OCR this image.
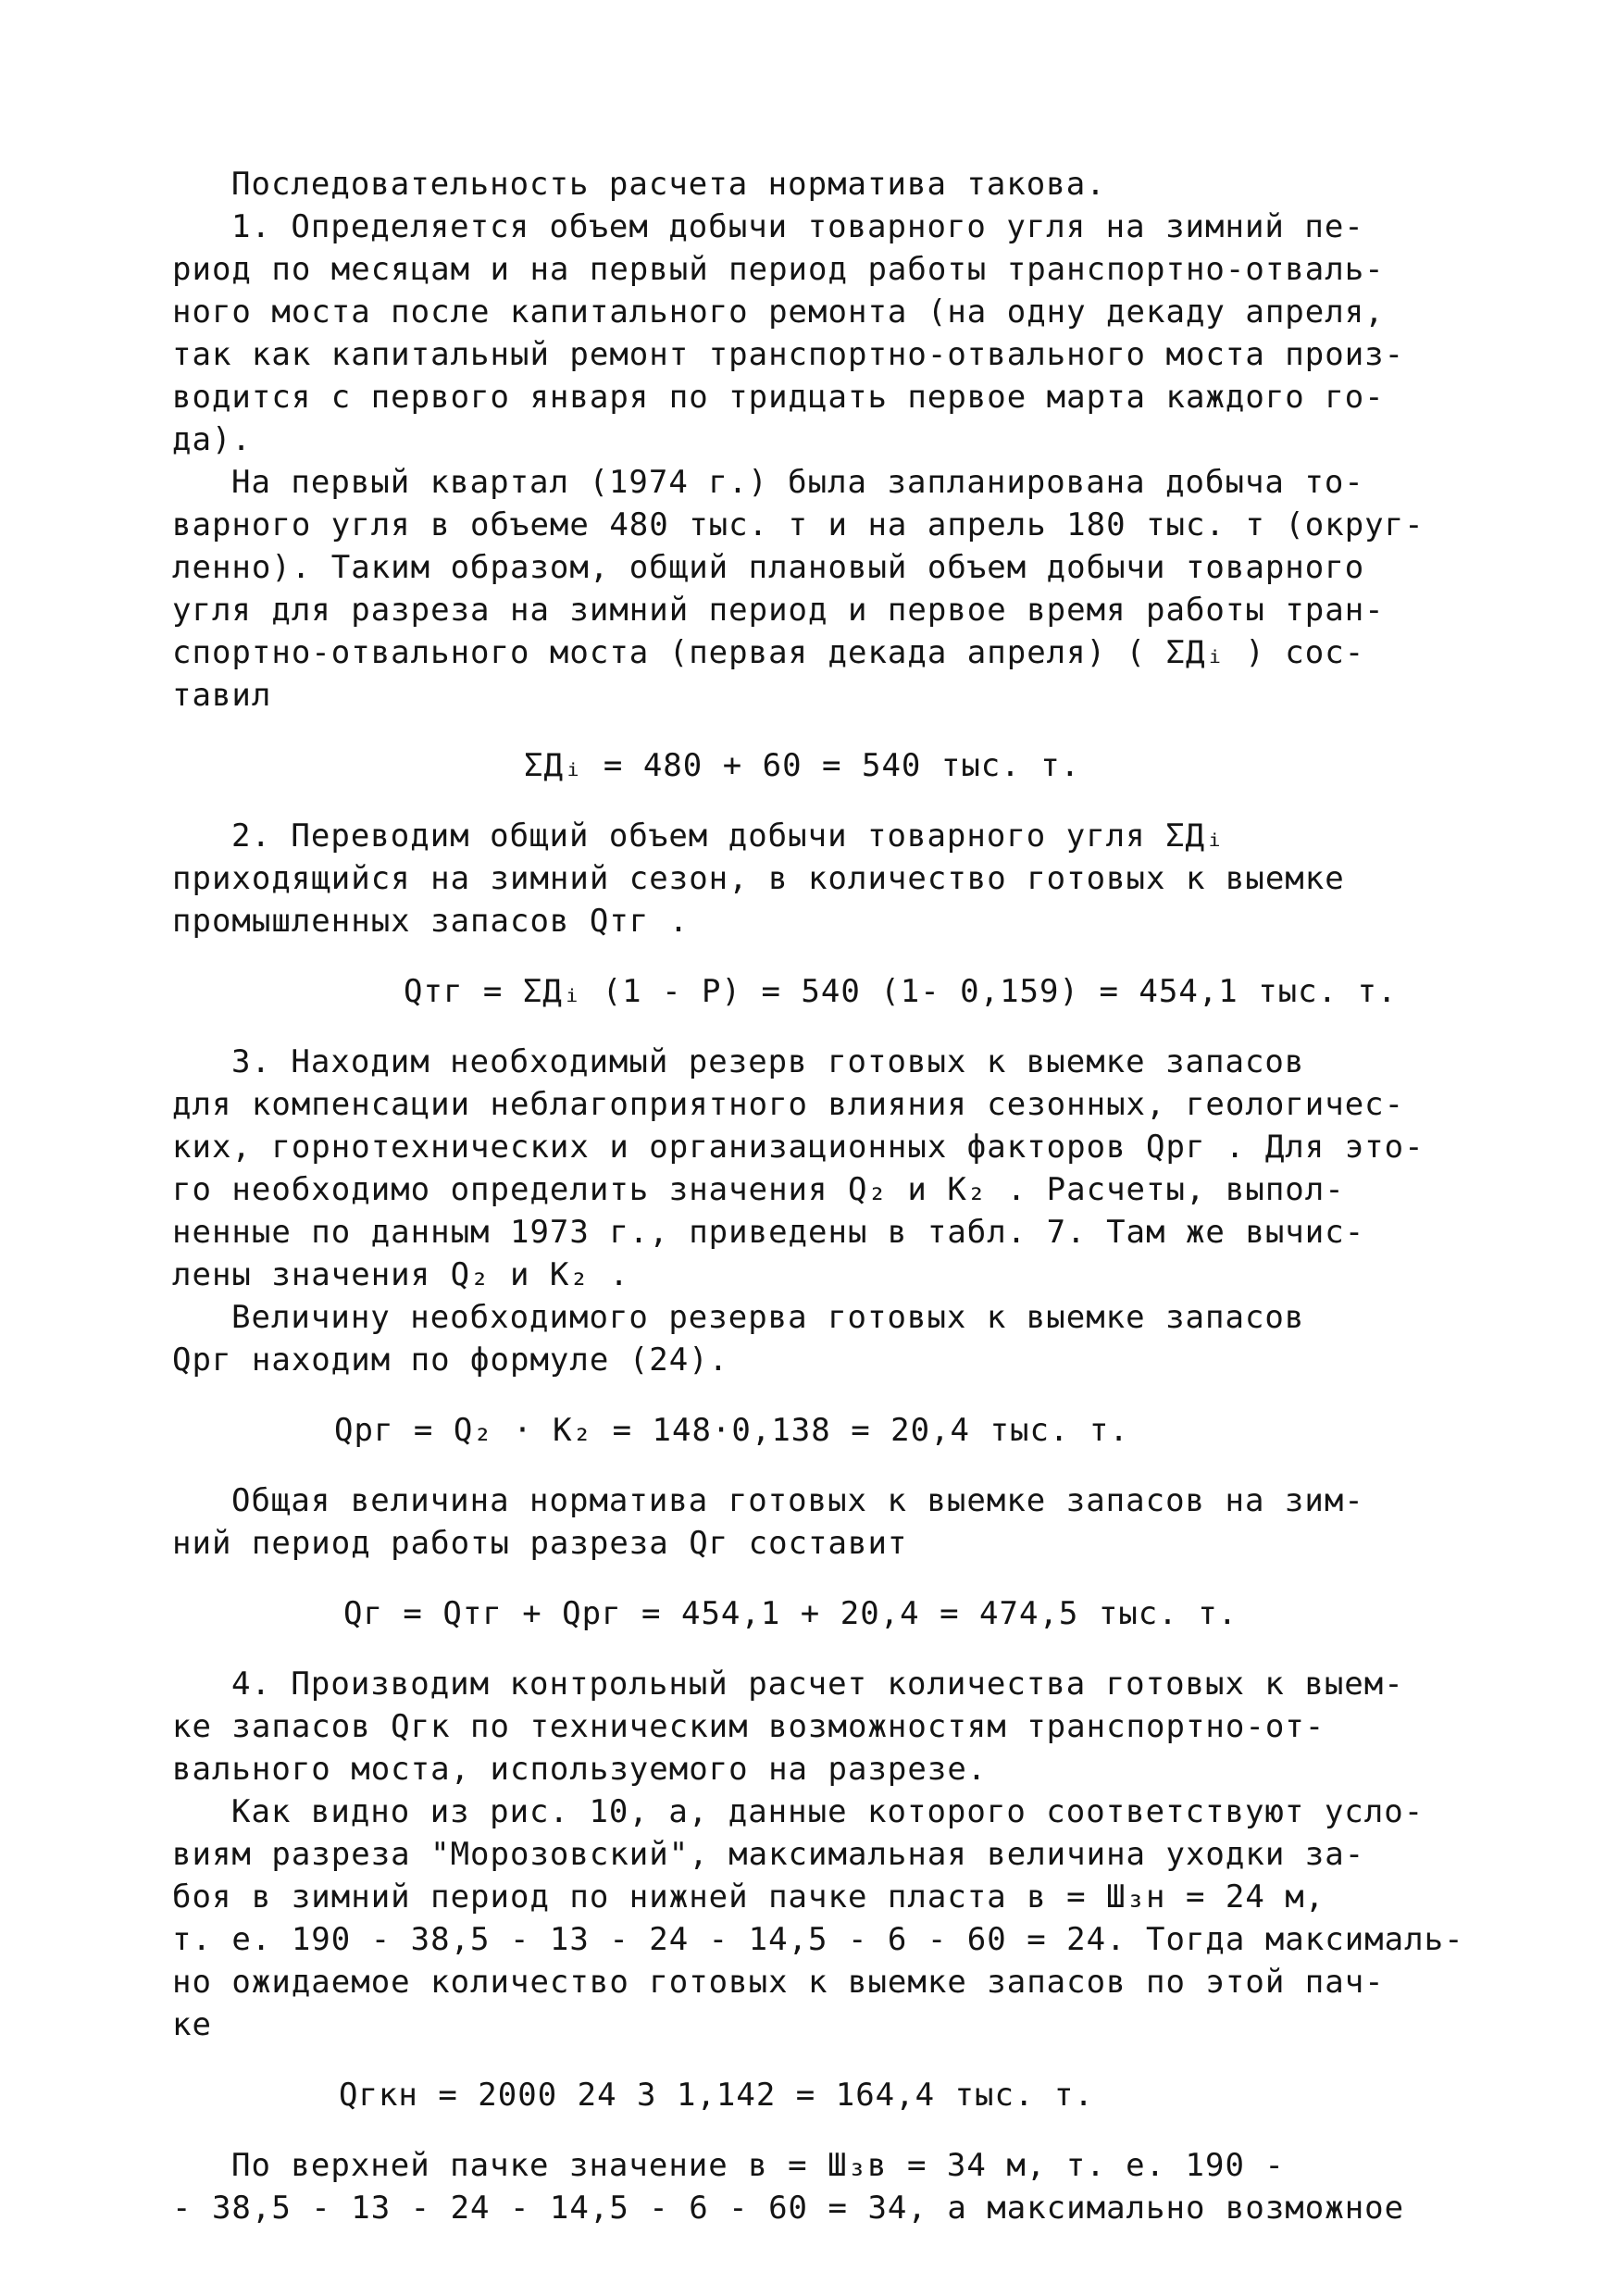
Последовательность расчета норматива такова.

1. Определяется объем добычи товарного угля на зимний пе-
риод по месяцам и на первый период работы транспортно-отваль-
ного моста после капитального ремонта (на одну декаду апреля,
так как капитальный ремонт транспортно-отвального моста произ-
водится с первого января по тридцать первое марта каждого го-
да).

На первый квартал (1974 г.) была запланирована добыча то-
варного угля в объеме 480 тыс. т и на апрель 180 тыс. т (округ-
ленно). Таким образом, общий плановый объем добычи товарного
угля для разреза на зимний период и первое время работы тран-
спортно-отвального моста (первая декада апреля) ( ΣДᵢ ) сос-
тавил

ΣДᵢ = 480 + 60 = 540 тыс. т.

2. Переводим общий объем добычи товарного угля ΣДᵢ
приходящийся на зимний сезон, в количество готовых к выемке
промышленных запасов Qтг .

Qтг = ΣДᵢ (1 - Р) = 540 (1- 0,159) = 454,1 тыс. т.

3. Находим необходимый резерв готовых к выемке запасов
для компенсации неблагоприятного влияния сезонных, геологичес-
ких, горнотехнических и организационных факторов Qрг . Для это-
го необходимо определить значения Q₂ и К₂ . Расчеты, выпол-
ненные по данным 1973 г., приведены в табл. 7. Там же вычис-
лены значения Q₂ и К₂ .

Величину необходимого резерва готовых к выемке запасов
Qрг находим по формуле (24).

Qрг = Q₂ · К₂ = 148·0,138 = 20,4 тыс. т.

Общая величина норматива готовых к выемке запасов на зим-
ний период работы разреза Qг составит

Qг = Qтг + Qрг = 454,1 + 20,4 = 474,5 тыс. т.

4. Производим контрольный расчет количества готовых к выем-
ке запасов Qгк по техническим возможностям транспортно-от-
вального моста, используемого на разрезе.

Как видно из рис. 10, а, данные которого соответствуют усло-
виям разреза "Морозовский", максимальная величина уходки за-
боя в зимний период по нижней пачке пласта в = Ш₃н = 24 м,
т. е. 190 - 38,5 - 13 - 24 - 14,5 - 6 - 60 = 24. Тогда максималь-
но ожидаемое количество готовых к выемке запасов по этой пач-
ке

Qгкн = 2000 24 3 1,142 = 164,4 тыс. т.

По верхней пачке значение в = Ш₃в = 34 м, т. е. 190 -
- 38,5 - 13 - 24 - 14,5 - 6 - 60 = 34, а максимально возможное
